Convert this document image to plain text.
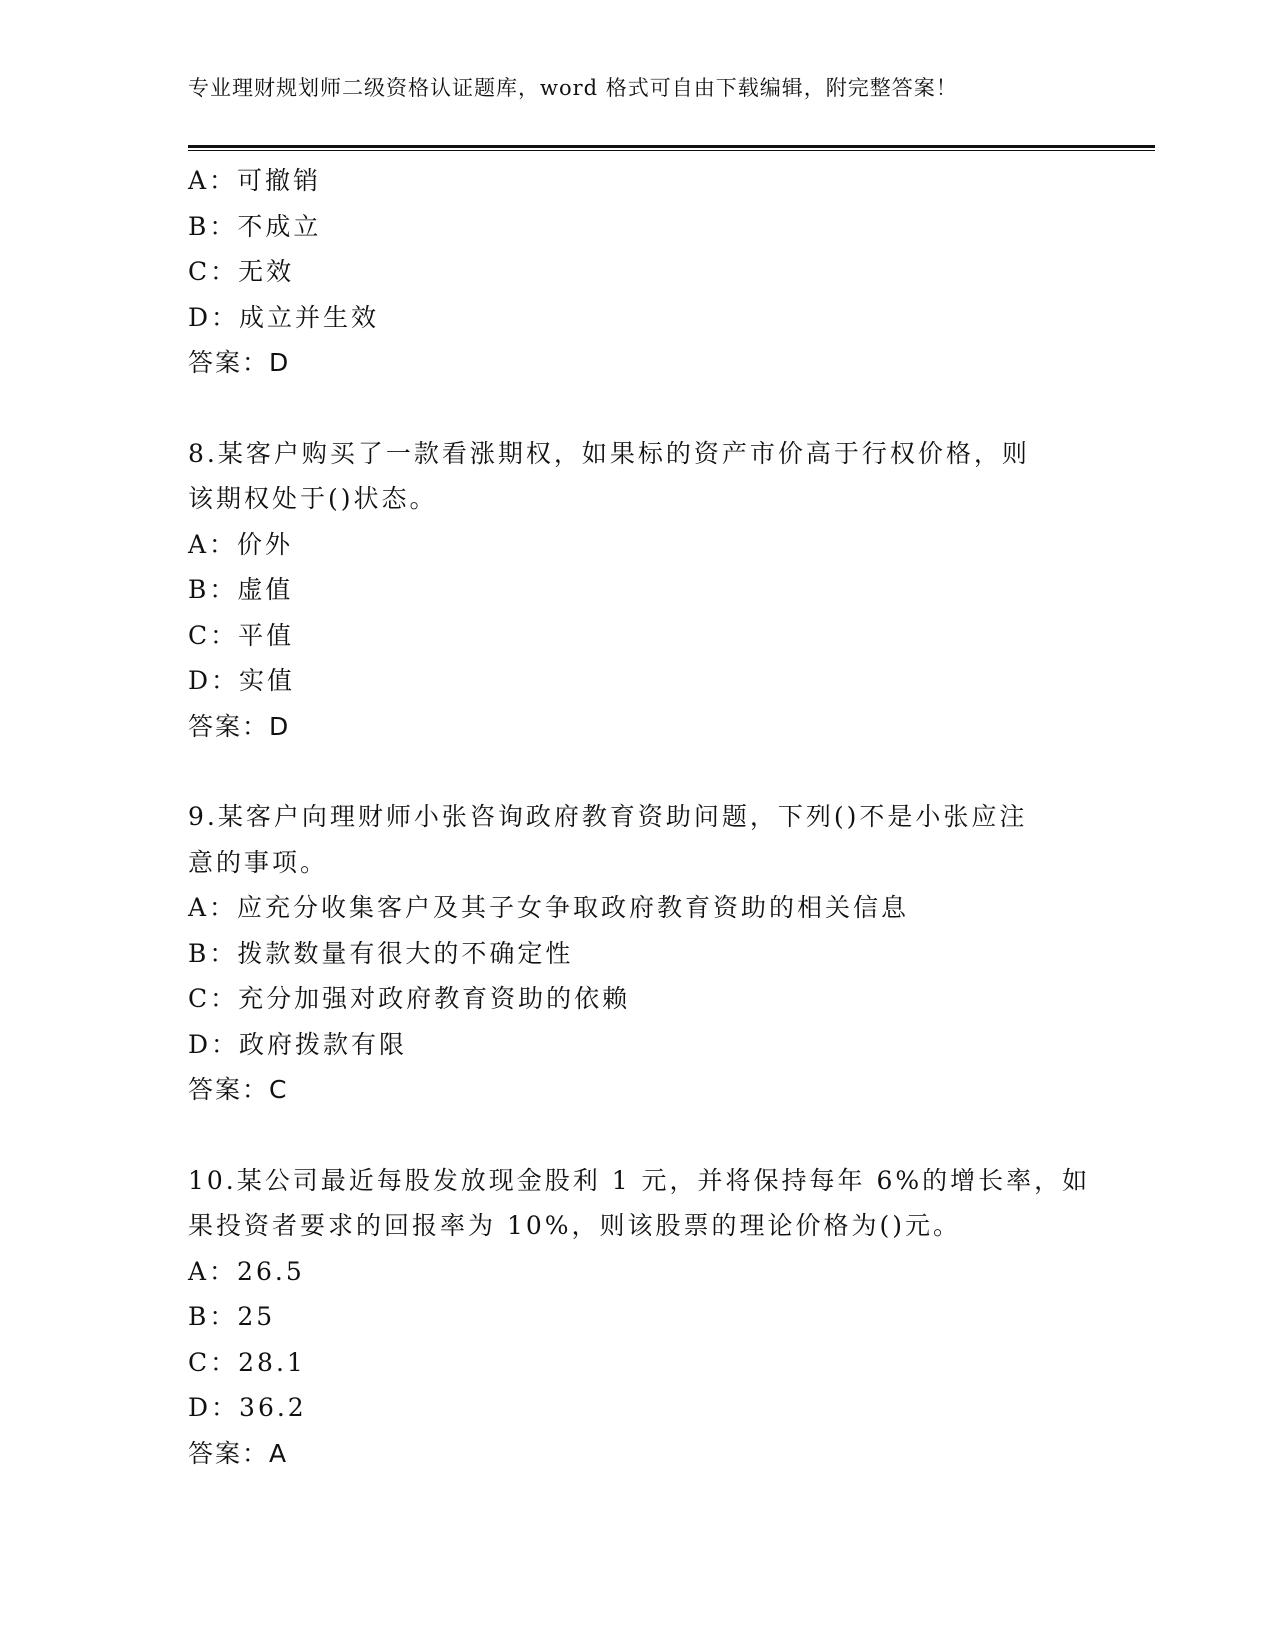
专业理财规划师二级资格认证题库，word 格式可自由下载编辑，附完整答案！
A：可撤销
B：不成立
C：无效
D：成立并生效
答案：D
8.某客户购买了一款看涨期权，如果标的资产市价高于行权价格，则
该期权处于()状态。
A：价外
B：虚值
C：平值
D：实值
答案：D
9.某客户向理财师小张咨询政府教育资助问题，下列()不是小张应注
意的事项。
A：应充分收集客户及其子女争取政府教育资助的相关信息
B：拨款数量有很大的不确定性
C：充分加强对政府教育资助的依赖
D：政府拨款有限
答案：C
10.某公司最近每股发放现金股利 1 元，并将保持每年 6%的增长率，如
果投资者要求的回报率为 10%，则该股票的理论价格为()元。
A：26.5
B：25
C：28.1
D：36.2
答案：A
